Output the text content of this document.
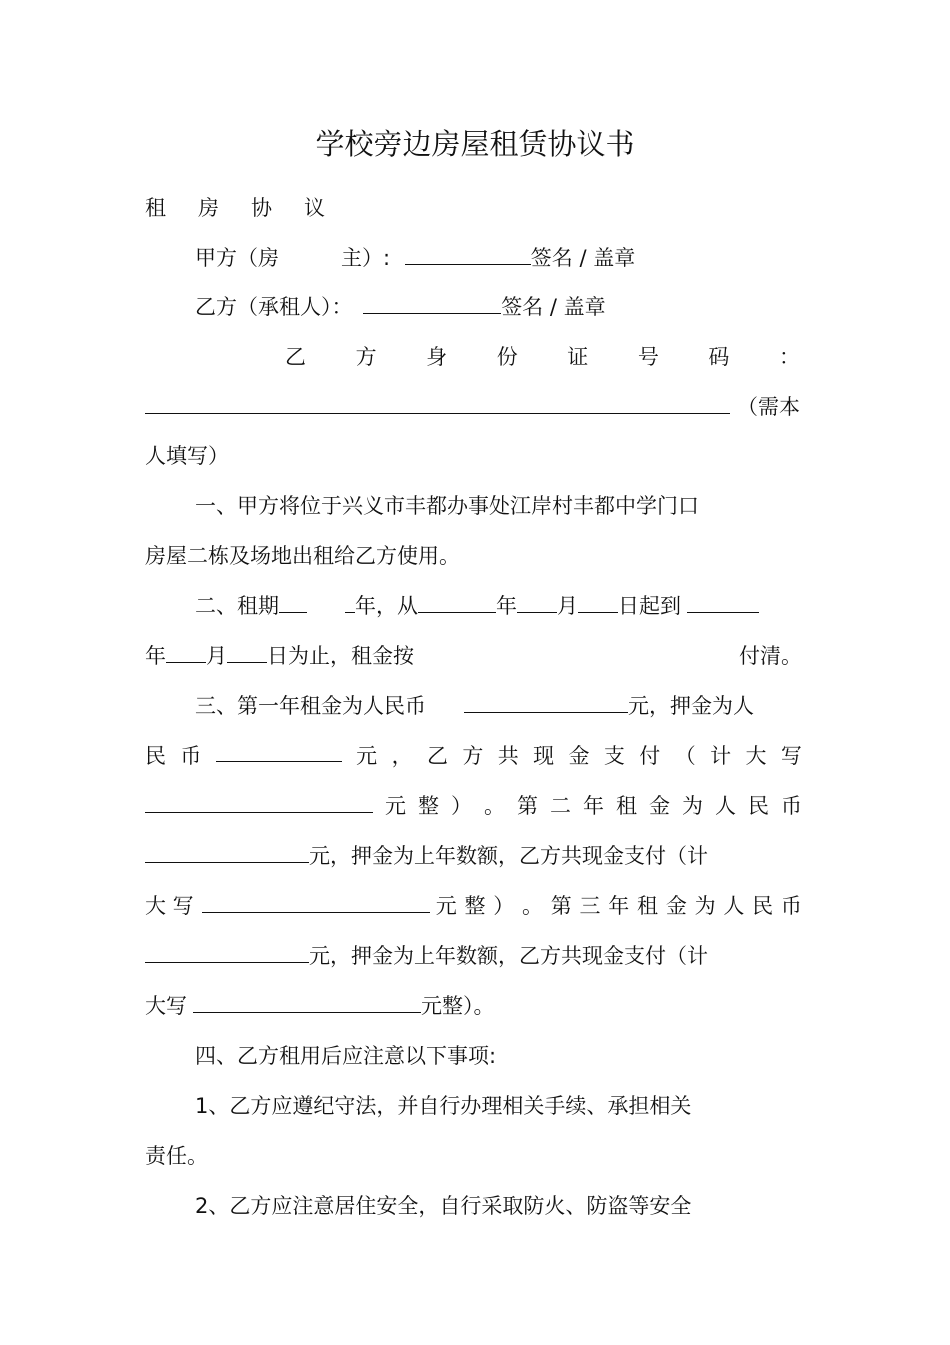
学校旁边房屋租赁协议书
租 房 协 议
甲方（房	主）:	签名 / 盖章
乙方（承租人）：	签名 / 盖章
乙 方 身 份 证 号 码 ：
（需本
人填写）
一、甲方将位于兴义市丰都办事处江岸村丰都中学门口
房屋二栋及场地出租给乙方使用。
二、租期	年，从	年 月 日起到
年 月 日为止，租金按	付清。
三、第一年租金为人民币	元，押金为人
民 币	元 ， 乙 方 共 现 金 支 付 （ 计 大 写
元 整 ） 。 第 二 年 租 金 为 人 民 币
元，押金为上年数额，乙方共现金支付（计
大 写	元 整 ） 。 第 三 年 租 金 为 人 民 币
元，押金为上年数额，乙方共现金支付（计
大写	元整）。
四、乙方租用后应注意以下事项:
1、乙方应遵纪守法，并自行办理相关手续、承担相关
责任。
2、乙方应注意居住安全，自行采取防火、防盗等安全
